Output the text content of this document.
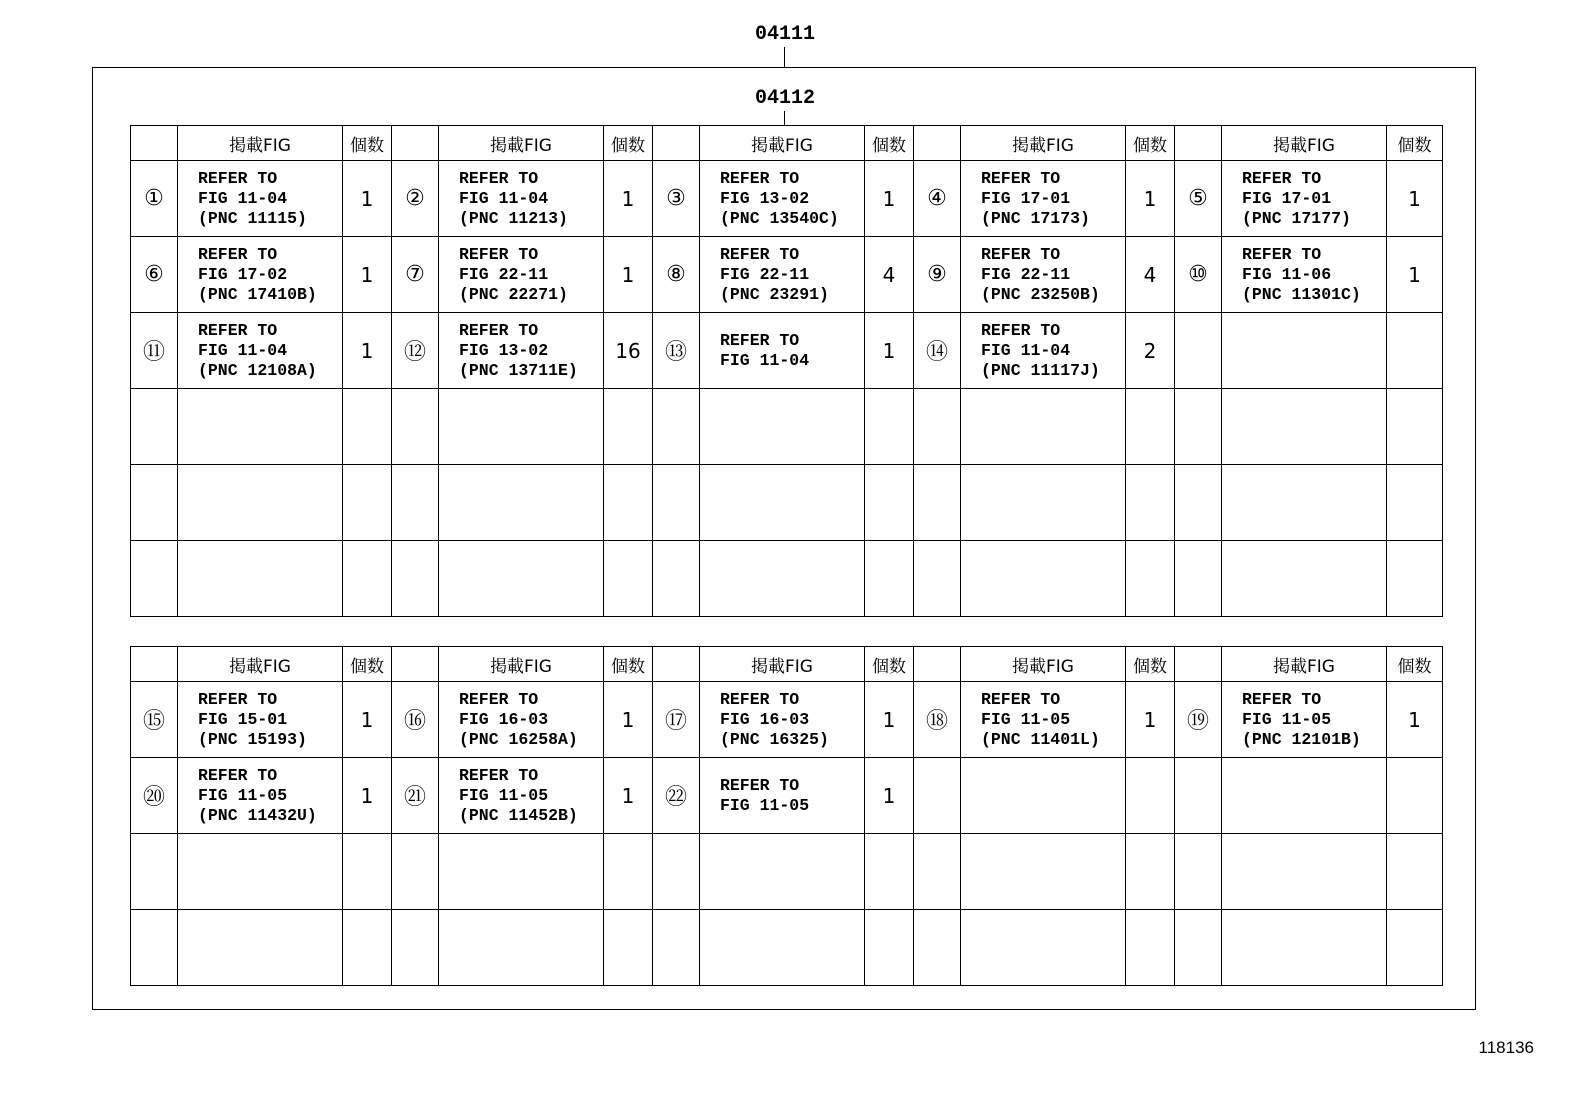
04111
04112
	掲載FIG	個数		掲載FIG	個数		掲載FIG	個数		掲載FIG	個数		掲載FIG	個数
①	REFER TO
FIG 11-04
(PNC 11115)	1	②	REFER TO
FIG 11-04
(PNC 11213)	1	③	REFER TO
FIG 13-02
(PNC 13540C)	1	④	REFER TO
FIG 17-01
(PNC 17173)	1	⑤	REFER TO
FIG 17-01
(PNC 17177)	1
⑥	REFER TO
FIG 17-02
(PNC 17410B)	1	⑦	REFER TO
FIG 22-11
(PNC 22271)	1	⑧	REFER TO
FIG 22-11
(PNC 23291)	4	⑨	REFER TO
FIG 22-11
(PNC 23250B)	4	⑩	REFER TO
FIG 11-06
(PNC 11301C)	1
⑪	REFER TO
FIG 11-04
(PNC 12108A)	1	⑫	REFER TO
FIG 13-02
(PNC 13711E)	16	⑬	REFER TO
FIG 11-04	1	⑭	REFER TO
FIG 11-04
(PNC 11117J)	2		

	掲載FIG	個数		掲載FIG	個数		掲載FIG	個数		掲載FIG	個数		掲載FIG	個数
⑮	REFER TO
FIG 15-01
(PNC 15193)	1	⑯	REFER TO
FIG 16-03
(PNC 16258A)	1	⑰	REFER TO
FIG 16-03
(PNC 16325)	1	⑱	REFER TO
FIG 11-05
(PNC 11401L)	1	⑲	REFER TO
FIG 11-05
(PNC 12101B)	1
⑳	REFER TO
FIG 11-05
(PNC 11432U)	1	㉑	REFER TO
FIG 11-05
(PNC 11452B)	1	㉒	REFER TO
FIG 11-05	1		

118136
